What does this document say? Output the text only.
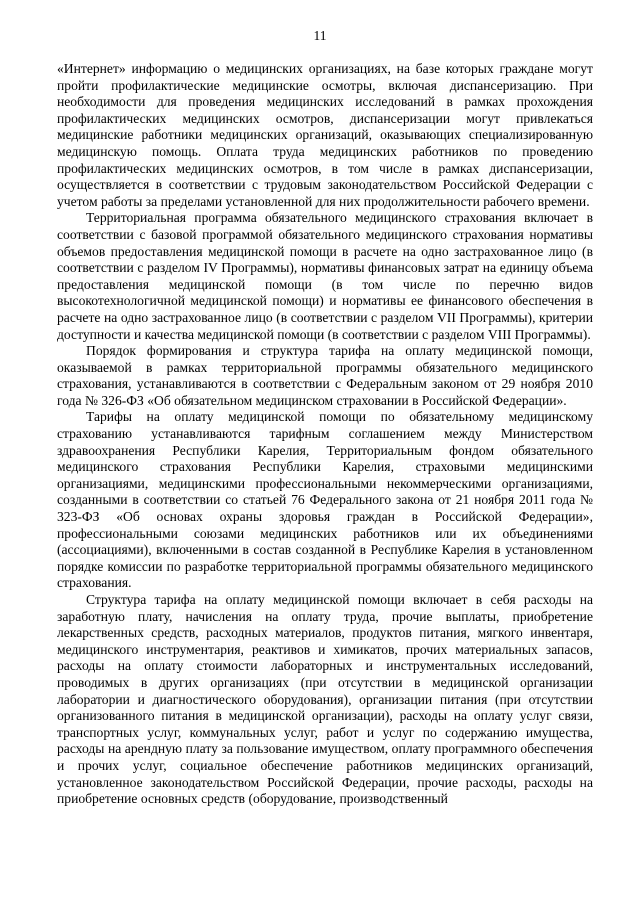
11

«Интернет» информацию о медицинских организациях, на базе которых граждане могут пройти профилактические медицинские осмотры, включая диспансеризацию. При необходимости для проведения медицинских исследований в рамках прохождения профилактических медицинских осмотров, диспансеризации могут привлекаться медицинские работники медицинских организаций, оказывающих специализированную медицинскую помощь. Оплата труда медицинских работников по проведению профилактических медицинских осмотров, в том числе в рамках диспансеризации, осуществляется в соответствии с трудовым законодательством Российской Федерации с учетом работы за пределами установленной для них продолжительности рабочего времени.

Территориальная программа обязательного медицинского страхования включает в соответствии с базовой программой обязательного медицинского страхования нормативы объемов предоставления медицинской помощи в расчете на одно застрахованное лицо (в соответствии с разделом IV Программы), нормативы финансовых затрат на единицу объема предоставления медицинской помощи (в том числе по перечню видов высокотехнологичной медицинской помощи) и нормативы ее финансового обеспечения в расчете на одно застрахованное лицо (в соответствии с разделом VII Программы), критерии доступности и качества медицинской помощи (в соответствии с разделом VIII Программы).

Порядок формирования и структура тарифа на оплату медицинской помощи, оказываемой в рамках территориальной программы обязательного медицинского страхования, устанавливаются в соответствии с Федеральным законом от 29 ноября 2010 года № 326-ФЗ «Об обязательном медицинском страховании в Российской Федерации».

Тарифы на оплату медицинской помощи по обязательному медицинскому страхованию устанавливаются тарифным соглашением между Министерством здравоохранения Республики Карелия, Территориальным фондом обязательного медицинского страхования Республики Карелия, страховыми медицинскими организациями, медицинскими профессиональными некоммерческими организациями, созданными в соответствии со статьей 76 Федерального закона от 21 ноября 2011 года № 323-ФЗ «Об основах охраны здоровья граждан в Российской Федерации», профессиональными союзами медицинских работников или их объединениями (ассоциациями), включенными в состав созданной в Республике Карелия в установленном порядке комиссии по разработке территориальной программы обязательного медицинского страхования.

Структура тарифа на оплату медицинской помощи включает в себя расходы на заработную плату, начисления на оплату труда, прочие выплаты, приобретение лекарственных средств, расходных материалов, продуктов питания, мягкого инвентаря, медицинского инструментария, реактивов и химикатов, прочих материальных запасов, расходы на оплату стоимости лабораторных и инструментальных исследований, проводимых в других организациях (при отсутствии в медицинской организации лаборатории и диагностического оборудования), организации питания (при отсутствии организованного питания в медицинской организации), расходы на оплату услуг связи, транспортных услуг, коммунальных услуг, работ и услуг по содержанию имущества, расходы на арендную плату за пользование имуществом, оплату программного обеспечения и прочих услуг, социальное обеспечение работников медицинских организаций, установленное законодательством Российской Федерации, прочие расходы, расходы на приобретение основных средств (оборудование, производственный
